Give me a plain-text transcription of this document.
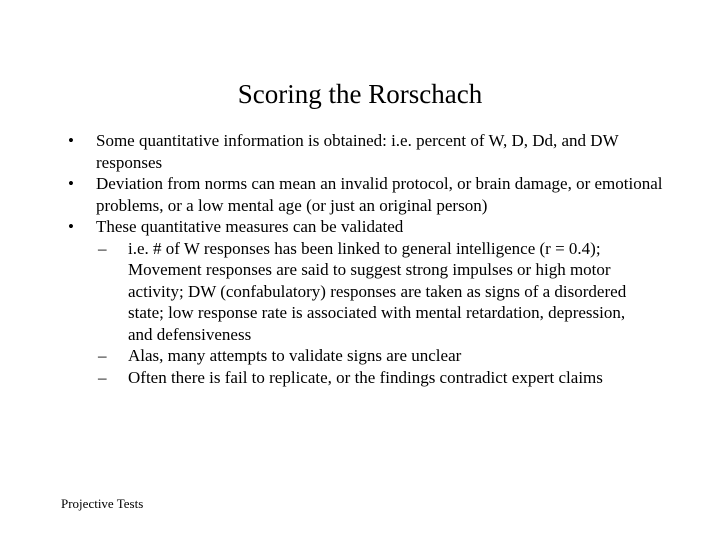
Scoring the Rorschach
• Some quantitative information is obtained: i.e. percent of W, D, Dd, and DW responses
• Deviation from norms can mean an invalid protocol, or brain damage, or emotional problems, or a low mental age (or just an original person)
• These quantitative measures can be validated
– i.e. # of W responses has been linked to general intelligence (r = 0.4); Movement responses are said to suggest strong impulses or high motor activity; DW (confabulatory) responses are taken as signs of a disordered state; low response rate is associated with mental retardation, depression, and defensiveness
– Alas, many attempts to validate signs are unclear
– Often there is fail to replicate, or the findings contradict expert claims
Projective Tests
